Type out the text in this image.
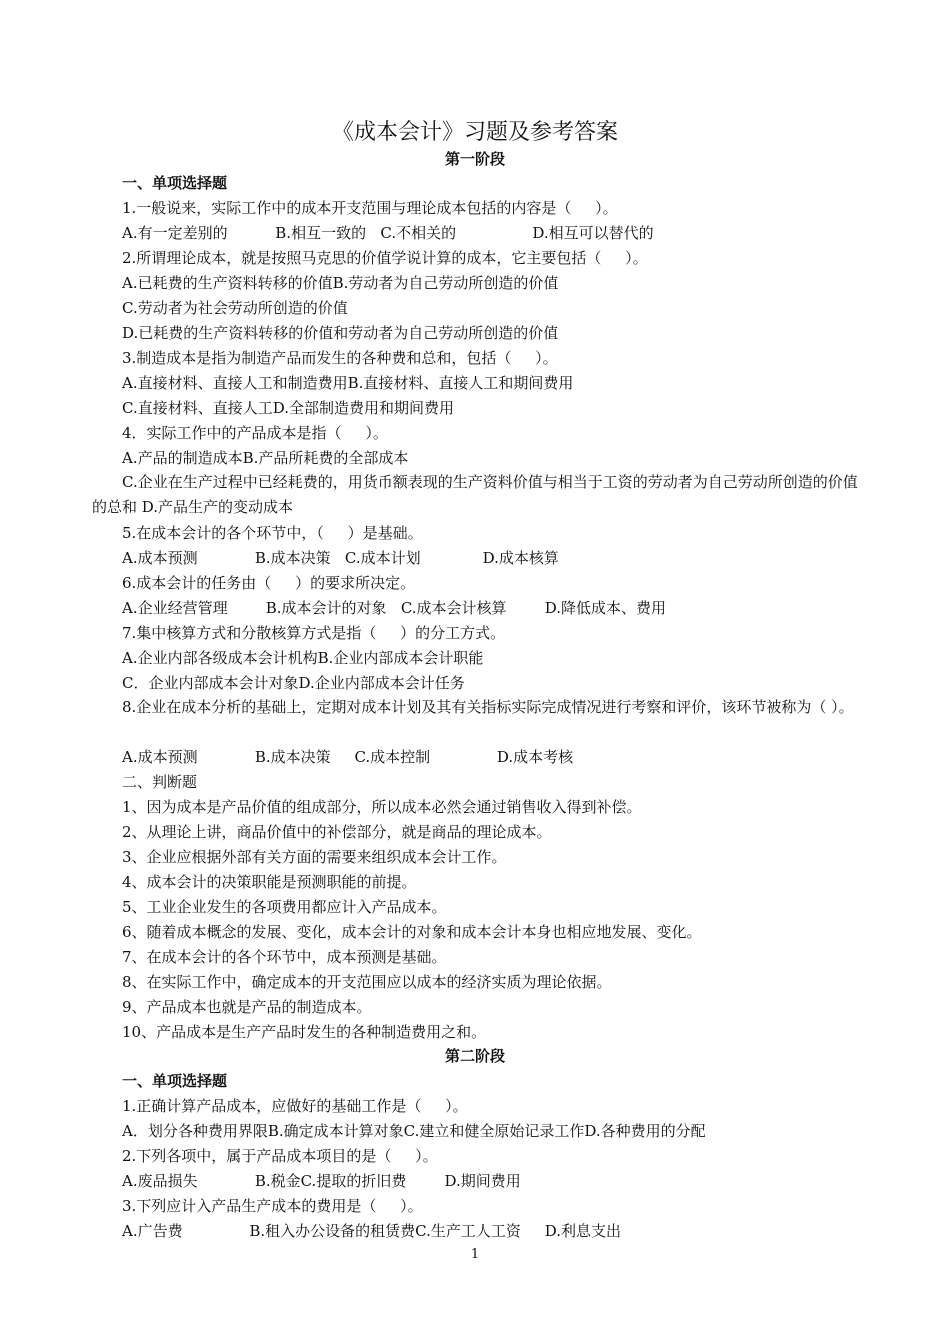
《成本会计》习题及参考答案
第一阶段
一、单项选择题
1.一般说来，实际工作中的成本开支范围与理论成本包括的内容是（     ）。
A.有一定差别的          B.相互一致的   C.不相关的                D.相互可以替代的
2.所谓理论成本，就是按照马克思的价值学说计算的成本，它主要包括（     ）。
A.已耗费的生产资料转移的价值B.劳动者为自己劳动所创造的价值
C.劳动者为社会劳动所创造的价值
D.已耗费的生产资料转移的价值和劳动者为自己劳动所创造的价值
3.制造成本是指为制造产品而发生的各种费和总和，包括（     ）。
A.直接材料、直接人工和制造费用B.直接材料、直接人工和期间费用
C.直接材料、直接人工D.全部制造费用和期间费用
4．实际工作中的产品成本是指（     ）。
A.产品的制造成本B.产品所耗费的全部成本
C.企业在生产过程中已经耗费的，用货币额表现的生产资料价值与相当于工资的劳动者为自己劳动所创造的价值的总和 D.产品生产的变动成本
5.在成本会计的各个环节中，（     ）是基础。
A.成本预测            B.成本决策   C.成本计划             D.成本核算
6.成本会计的任务由（     ）的要求所决定。
A.企业经营管理        B.成本会计的对象   C.成本会计核算        D.降低成本、费用
7.集中核算方式和分散核算方式是指（     ）的分工方式。
A.企业内部各级成本会计机构B.企业内部成本会计职能
C．企业内部成本会计对象D.企业内部成本会计任务
8.企业在成本分析的基础上，定期对成本计划及其有关指标实际完成情况进行考察和评价，该环节被称为（ ）。
A.成本预测            B.成本决策     C.成本控制              D.成本考核
二、判断题
1、因为成本是产品价值的组成部分，所以成本必然会通过销售收入得到补偿。
2、从理论上讲，商品价值中的补偿部分，就是商品的理论成本。
3、企业应根据外部有关方面的需要来组织成本会计工作。
4、成本会计的决策职能是预测职能的前提。
5、工业企业发生的各项费用都应计入产品成本。
6、随着成本概念的发展、变化，成本会计的对象和成本会计本身也相应地发展、变化。
7、在成本会计的各个环节中，成本预测是基础。
8、在实际工作中，确定成本的开支范围应以成本的经济实质为理论依据。
9、产品成本也就是产品的制造成本。
10、产品成本是生产产品时发生的各种制造费用之和。
第二阶段
一、单项选择题
1.正确计算产品成本，应做好的基础工作是（     ）。
A．划分各种费用界限B.确定成本计算对象C.建立和健全原始记录工作D.各种费用的分配
2.下列各项中，属于产品成本项目的是（     ）。
A.废品损失            B.税金C.提取的折旧费        D.期间费用
3.下列应计入产品生产成本的费用是（     ）。
A.广告费              B.租入办公设备的租赁费C.生产工人工资     D.利息支出
1
